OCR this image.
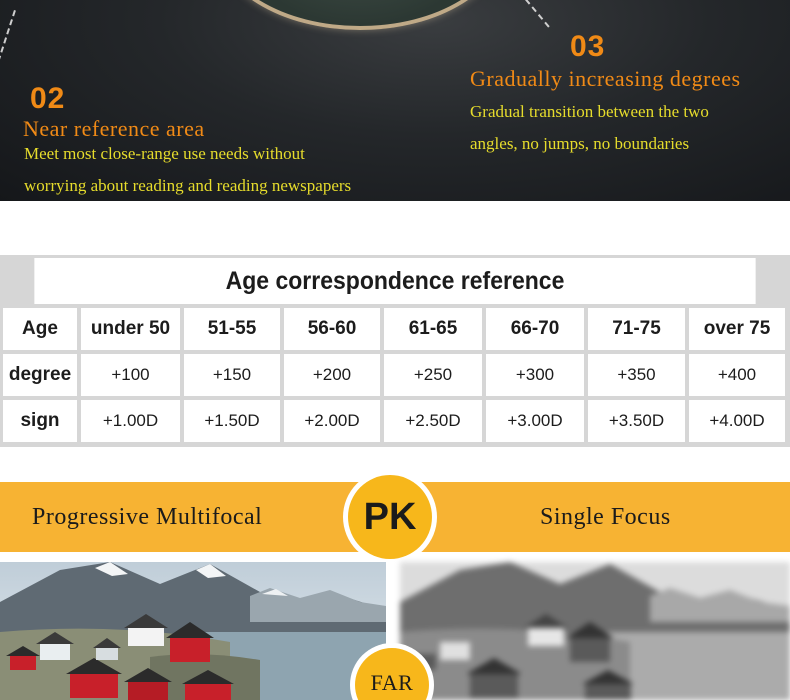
02
Near reference area
Meet most close-range use needs without
worrying about reading and reading newspapers
03
Gradually increasing degrees
Gradual transition between the two
angles, no jumps, no boundaries
Age correspondence reference
Age	under 50	51-55	56-60	61-65	66-70	71-75	over 75
degree	+100	+150	+200	+250	+300	+350	+400
sign	+1.00D	+1.50D	+2.00D	+2.50D	+3.00D	+3.50D	+4.00D
Progressive Multifocal	Single Focus
PK
FAR
